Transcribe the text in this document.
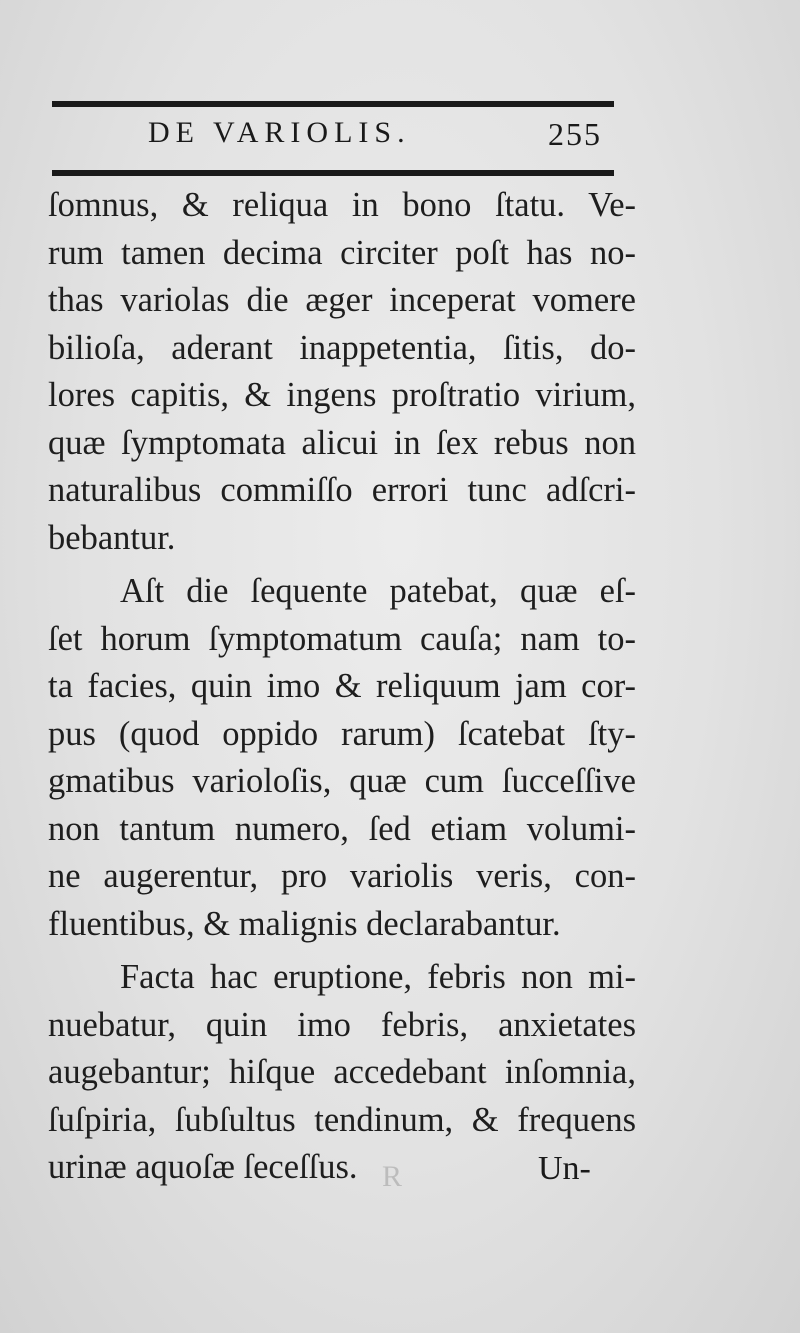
DE VARIOLIS.	255
ſomnus, & reliqua in bono ſtatu. Ve-
rum tamen decima circiter poſt has no-
thas variolas die æger inceperat vomere
bilioſa, aderant inappetentia, ſitis, do-
lores capitis, & ingens proſtratio virium,
quæ ſymptomata alicui in ſex rebus non
naturalibus commiſſo errori tunc adſcri-
bebantur.
Aſt die ſequente patebat, quæ eſ-
ſet horum ſymptomatum cauſa; nam to-
ta facies, quin imo & reliquum jam cor-
pus (quod oppido rarum) ſcatebat ſty-
gmatibus varioloſis, quæ cum ſucceſſive
non tantum numero, ſed etiam volumi-
ne augerentur, pro variolis veris, con-
fluentibus, & malignis declarabantur.
Facta hac eruptione, febris non mi-
nuebatur, quin imo febris, anxietates
augebantur; hiſque accedebant inſomnia,
ſuſpiria, ſubſultus tendinum, & frequens
urinæ aquoſæ ſeceſſus. R	Un-
